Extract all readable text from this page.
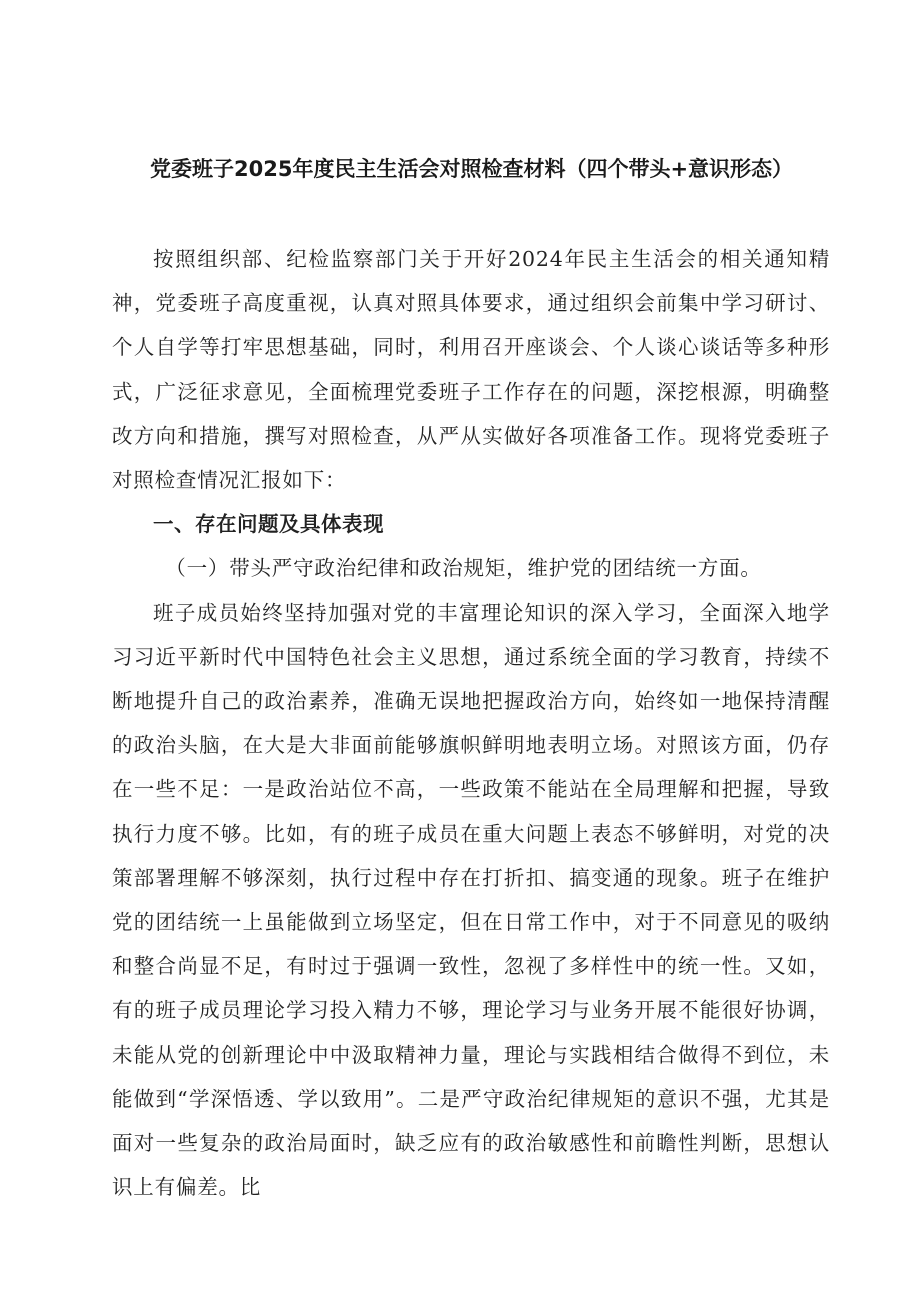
党委班子2025年度民主生活会对照检查材料（四个带头+意识形态）

按照组织部、纪检监察部门关于开好2024年民主生活会的相关通知精神，党委班子高度重视，认真对照具体要求，通过组织会前集中学习研讨、个人自学等打牢思想基础，同时，利用召开座谈会、个人谈心谈话等多种形式，广泛征求意见，全面梳理党委班子工作存在的问题，深挖根源，明确整改方向和措施，撰写对照检查，从严从实做好各项准备工作。现将党委班子对照检查情况汇报如下：

一、存在问题及具体表现

（一）带头严守政治纪律和政治规矩，维护党的团结统一方面。

班子成员始终坚持加强对党的丰富理论知识的深入学习，全面深入地学习习近平新时代中国特色社会主义思想，通过系统全面的学习教育，持续不断地提升自己的政治素养，准确无误地把握政治方向，始终如一地保持清醒的政治头脑，在大是大非面前能够旗帜鲜明地表明立场。对照该方面，仍存在一些不足：一是政治站位不高，一些政策不能站在全局理解和把握，导致执行力度不够。比如，有的班子成员在重大问题上表态不够鲜明，对党的决策部署理解不够深刻，执行过程中存在打折扣、搞变通的现象。班子在维护党的团结统一上虽能做到立场坚定，但在日常工作中，对于不同意见的吸纳和整合尚显不足，有时过于强调一致性，忽视了多样性中的统一性。又如，有的班子成员理论学习投入精力不够，理论学习与业务开展不能很好协调，未能从党的创新理论中中汲取精神力量，理论与实践相结合做得不到位，未能做到“学深悟透、学以致用”。二是严守政治纪律规矩的意识不强，尤其是面对一些复杂的政治局面时，缺乏应有的政治敏感性和前瞻性判断，思想认识上有偏差。比
